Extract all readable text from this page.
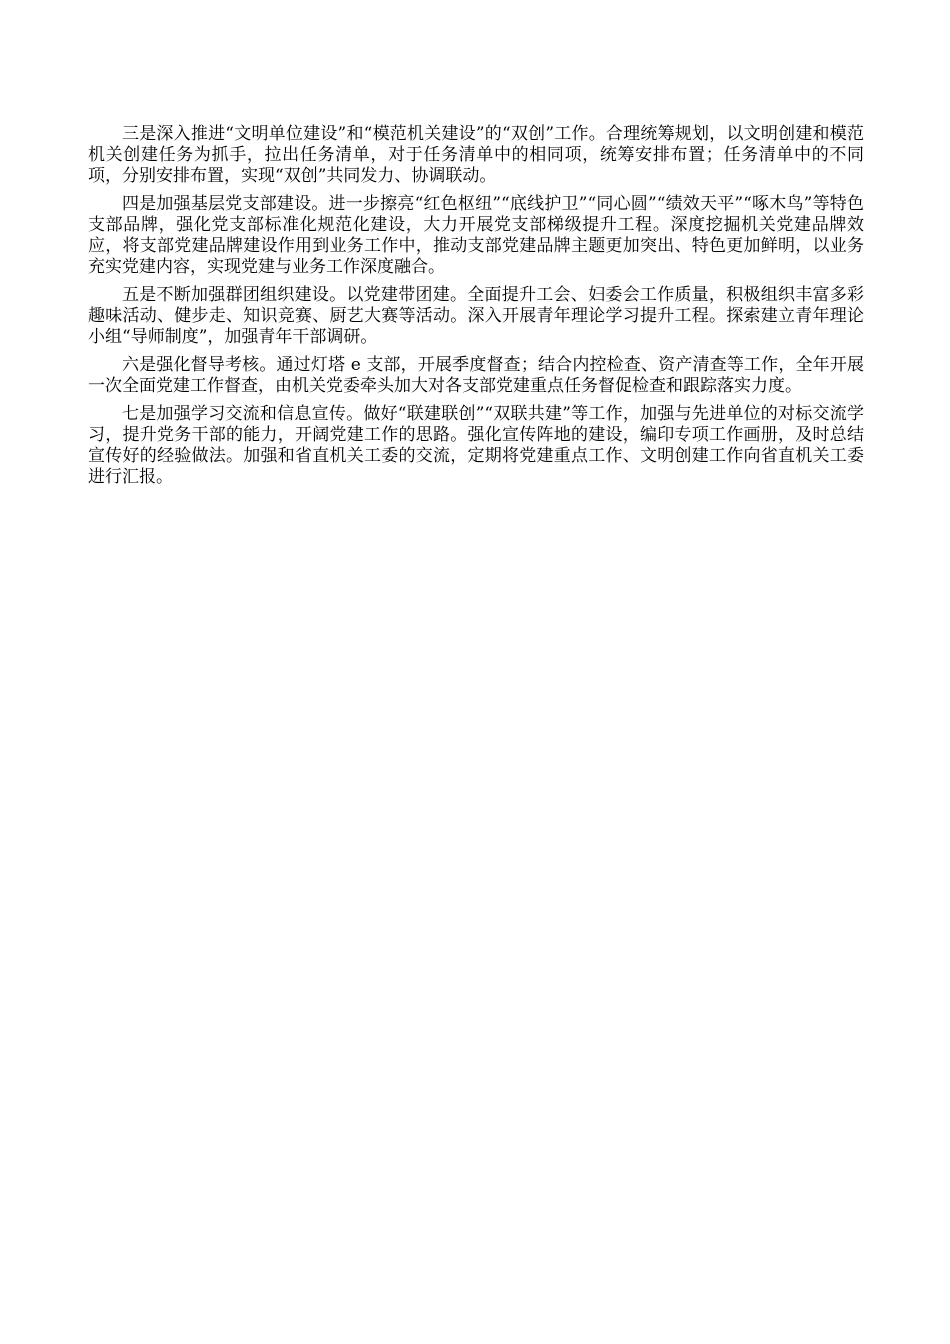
三是深入推进“文明单位建设”和“模范机关建设”的“双创”工作。合理统筹规划，以文明创建和模范机关创建任务为抓手，拉出任务清单，对于任务清单中的相同项，统筹安排布置；任务清单中的不同项，分别安排布置，实现“双创”共同发力、协调联动。

四是加强基层党支部建设。进一步擦亮“红色枢纽”“底线护卫”“同心圆”“绩效天平”“啄木鸟”等特色支部品牌，强化党支部标准化规范化建设，大力开展党支部梯级提升工程。深度挖掘机关党建品牌效应，将支部党建品牌建设作用到业务工作中，推动支部党建品牌主题更加突出、特色更加鲜明，以业务充实党建内容，实现党建与业务工作深度融合。

五是不断加强群团组织建设。以党建带团建。全面提升工会、妇委会工作质量，积极组织丰富多彩趣味活动、健步走、知识竞赛、厨艺大赛等活动。深入开展青年理论学习提升工程。探索建立青年理论小组“导师制度”，加强青年干部调研。

六是强化督导考核。通过灯塔 e 支部，开展季度督查；结合内控检查、资产清查等工作，全年开展一次全面党建工作督查，由机关党委牵头加大对各支部党建重点任务督促检查和跟踪落实力度。

七是加强学习交流和信息宣传。做好“联建联创”“双联共建”等工作，加强与先进单位的对标交流学习，提升党务干部的能力，开阔党建工作的思路。强化宣传阵地的建设，编印专项工作画册，及时总结宣传好的经验做法。加强和省直机关工委的交流，定期将党建重点工作、文明创建工作向省直机关工委进行汇报。
